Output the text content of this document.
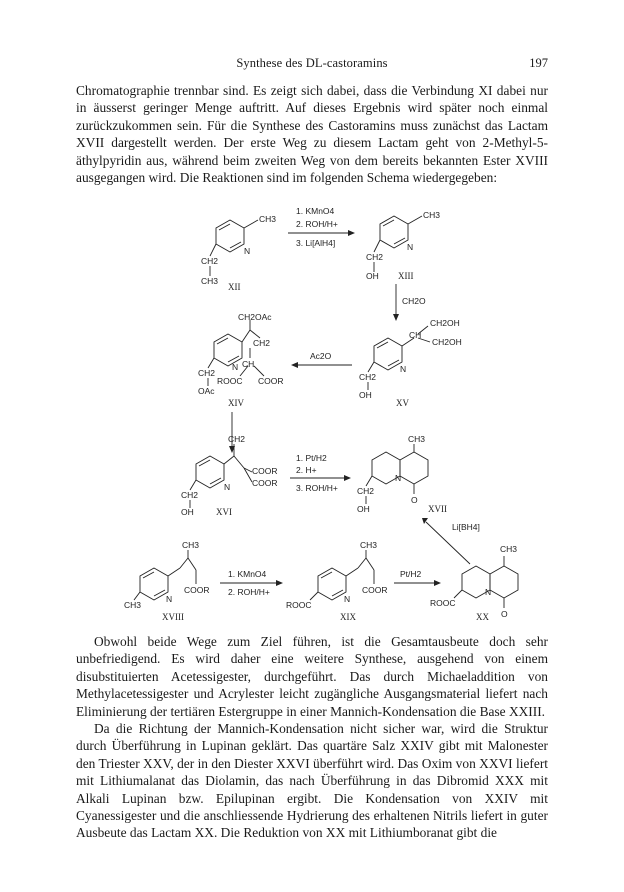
Synthese des DL-castoramins	197

Chromatographie trennbar sind. Es zeigt sich dabei, dass die Verbindung XI dabei nur in äusserst geringer Menge auftritt. Auf dieses Ergebnis wird später noch einmal zurückzukommen sein. Für die Synthese des Castoramins muss zunächst das Lactam XVII dargestellt werden. Der erste Weg zu diesem Lactam geht von 2-Methyl-5-äthylpyridin aus, während beim zweiten Weg von dem bereits bekannten Ester XVIII ausgegangen wird. Die Reaktionen sind im folgenden Schema wiedergegeben:

CH3
N
CH2
CH3
XII
1. KMnO4
2. ROH/H+
3. Li[AlH4]
CH3
N
CH2
OH XIII
CH2O
CH2OAc
CH2
CH
N
ROOC COOR
CH2
OAc
XIV
Ac2O
CH2OH
CH
CH2OH
N
CH2
OH
XV
CH2
COOR
COOR
N
CH2
OH XVI
1. Pt/H2
2. H+
3. ROH/H+
CH3
N
O
CH2
OH	XVII
Li[BH4]
CH3
N
COOR
CH3
XVIII
1. KMnO4
2. ROH/H+
CH3
N
COOR
ROOC
XIX
Pt/H2
CH3
N
O
ROOC
XX

Obwohl beide Wege zum Ziel führen, ist die Gesamtausbeute doch sehr unbefriedigend. Es wird daher eine weitere Synthese, ausgehend von einem disubstituierten Acetessigester, durchgeführt. Das durch Michaeladdition von Methylacetessigester und Acrylester leicht zugängliche Ausgangsmaterial liefert nach Eliminierung der tertiären Estergruppe in einer Mannich-Kondensation die Base XXIII.

Da die Richtung der Mannich-Kondensation nicht sicher war, wird die Struktur durch Überführung in Lupinan geklärt. Das quartäre Salz XXIV gibt mit Malonester den Triester XXV, der in den Diester XXVI überführt wird. Das Oxim von XXVI liefert mit Lithiumalanat das Diolamin, das nach Überführung in das Dibromid XXX mit Alkali Lupinan bzw. Epilupinan ergibt. Die Kondensation von XXIV mit Cyanessigester und die anschliessende Hydrierung des erhaltenen Nitrils liefert in guter Ausbeute das Lactam XX. Die Reduktion von XX mit Lithiumboranat gibt die
